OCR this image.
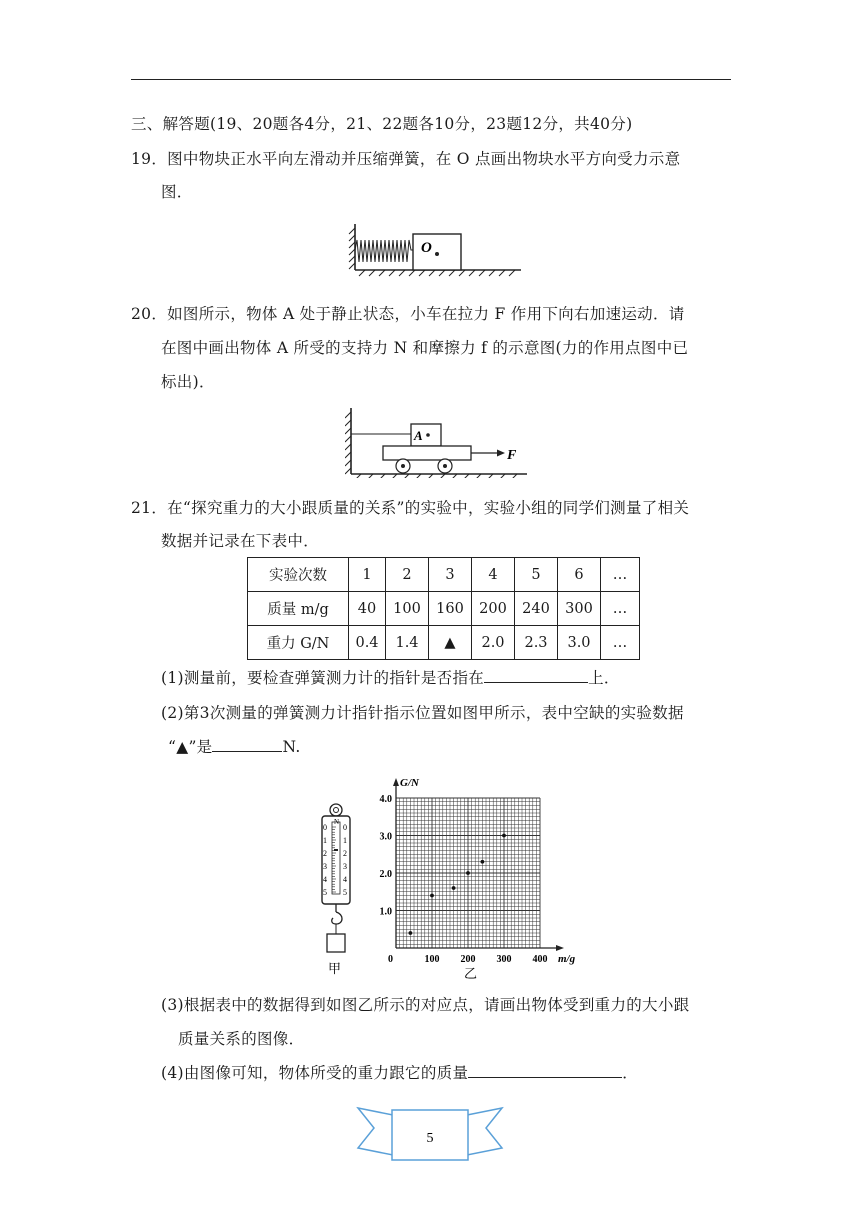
三、解答题(19、20题各4分，21、22题各10分，23题12分，共40分)
19．图中物块正水平向左滑动并压缩弹簧，在 O 点画出物块水平方向受力示意
图．
O
20．如图所示，物体 A 处于静止状态，小车在拉力 F 作用下向右加速运动．请
在图中画出物体 A 所受的支持力 N 和摩擦力 f 的示意图(力的作用点图中已
标出)．
A
F
21．在“探究重力的大小跟质量的关系”的实验中，实验小组的同学们测量了相关
数据并记录在下表中．
实验次数	1	2	3	4	5	6	…
质量 m/g	40	100	160	200	240	300	…
重力 G/N	0.4	1.4	▲	2.0	2.3	3.0	…
(1)测量前，要检查弹簧测力计的指针是否指在	上．
(2)第3次测量的弹簧测力计指针指示位置如图甲所示，表中空缺的实验数据
“▲”是	N.
N
0
1
2
3
4
5
0
1
2
3
4
5
甲
100 200 300 400
1.0
2.0
3.0
4.0
0	m/g
G/N
乙
(3)根据表中的数据得到如图乙所示的对应点，请画出物体受到重力的大小跟
质量关系的图像．
(4)由图像可知，物体所受的重力跟它的质量	．
5
